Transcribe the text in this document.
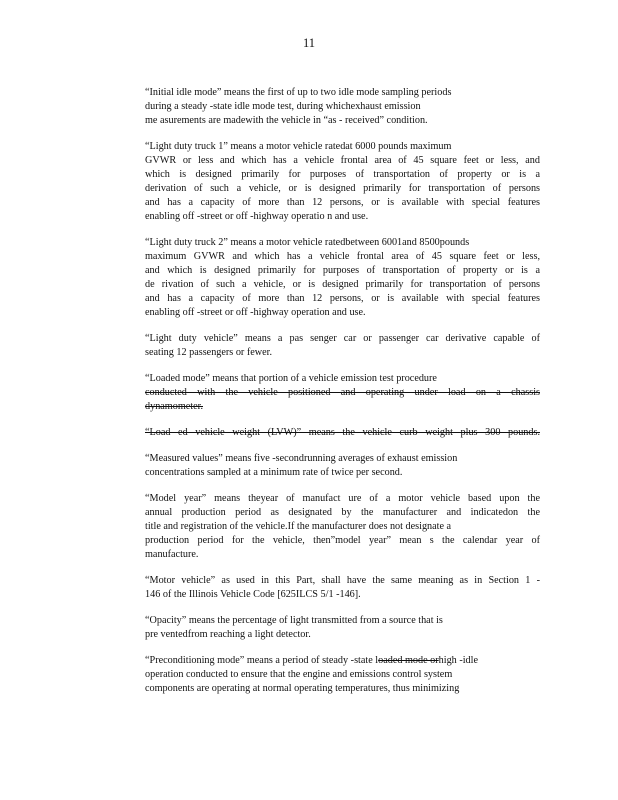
11
“Initial idle mode” means the first of up to two idle mode sampling periods
during a steady -state idle mode test, during whichexhaust emission
me asurements are madewith the vehicle in “as - received” condition.
“Light duty truck 1” means a motor vehicle ratedat 6000 pounds maximum
GVWR or less and which has a vehicle frontal area of 45 square feet or less, and
which is designed primarily for purposes of transportation of property or is a
derivation of such a vehicle, or is designed primarily for transportation of persons
and has a capacity of more than 12 persons, or is available with special features
enabling off -street or off -highway operatio n and use.
“Light duty truck 2” means a motor vehicle ratedbetween 6001and 8500pounds
maximum GVWR and which has a vehicle frontal area of 45 square feet or less,
and which is designed primarily for purposes of transportation of property or is a
de rivation of such a vehicle, or is designed primarily for transportation of persons
and has a capacity of more than 12 persons, or is available with special features
enabling off -street or off -highway operation and use.
“Light duty vehicle” means a pas senger car or passenger car derivative capable of
seating 12 passengers or fewer.
“Loaded mode” means that portion of a vehicle emission test procedure
conducted with the vehicle positioned and operating under load on a chassis
dynamometer.
“Load ed vehicle weight (LVW)” means the vehicle curb weight plus 300 pounds.
“Measured values” means five -secondrunning averages of exhaust emission
concentrations sampled at a minimum rate of twice per second.
“Model year” means theyear of manufact ure of a motor vehicle based upon the
annual production period as designated by the manufacturer and indicatedon the
title and registration of the vehicle.If the manufacturer does not designate a
production period for the vehicle, then”model year” mean s the calendar year of
manufacture.
“Motor vehicle” as used in this Part, shall have the same meaning as in Section 1 -
146 of the Illinois Vehicle Code [625ILCS 5/1 -146].
“Opacity” means the percentage of light transmitted from a source that is
pre ventedfrom reaching a light detector.
“Preconditioning mode” means a period of steady -state loaded mode orhigh -idle
operation conducted to ensure that the engine and emissions control system
components are operating at normal operating temperatures, thus minimizing
